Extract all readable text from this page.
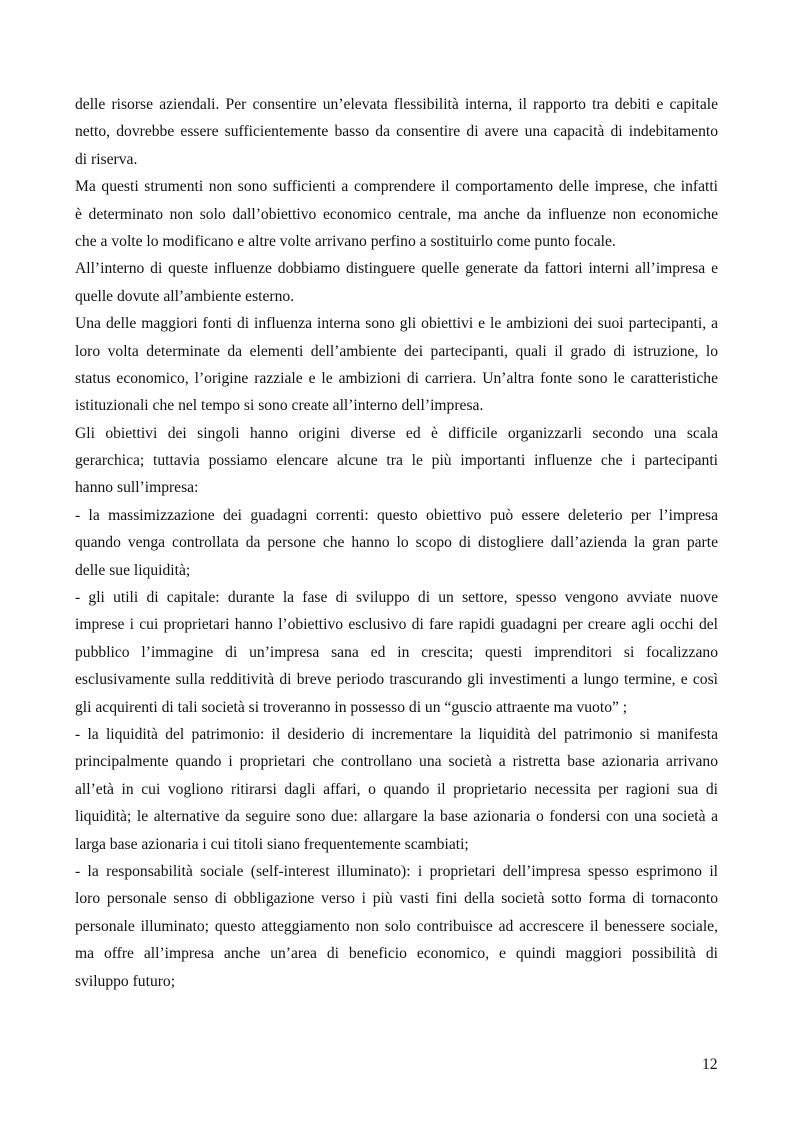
delle risorse aziendali. Per consentire un’elevata flessibilità interna, il rapporto tra debiti e capitale
netto, dovrebbe essere sufficientemente basso da consentire di avere una capacità di indebitamento
di riserva.
Ma questi strumenti non sono sufficienti a comprendere il comportamento delle imprese, che infatti
è determinato non solo dall’obiettivo economico centrale, ma anche da influenze non economiche
che a volte lo modificano e altre volte arrivano perfino a sostituirlo come punto focale.
All’interno di queste influenze dobbiamo distinguere quelle generate da fattori interni all’impresa e
quelle dovute all’ambiente esterno.
Una delle maggiori fonti di influenza interna sono gli obiettivi e le ambizioni dei suoi partecipanti, a
loro volta determinate da elementi dell’ambiente dei partecipanti, quali il grado di istruzione, lo
status economico, l’origine razziale e le ambizioni di carriera. Un’altra fonte sono le caratteristiche
istituzionali che nel tempo si sono create all’interno dell’impresa.
Gli obiettivi dei singoli hanno origini diverse ed è difficile organizzarli secondo una scala
gerarchica; tuttavia possiamo elencare alcune tra le più importanti influenze che i partecipanti
hanno sull’impresa:
- la massimizzazione dei guadagni correnti: questo obiettivo può essere deleterio per l’impresa
quando venga controllata da persone che hanno lo scopo di distogliere dall’azienda la gran parte
delle sue liquidità;
- gli utili di capitale: durante la fase di sviluppo di un settore, spesso vengono avviate nuove
imprese i cui proprietari hanno l’obiettivo esclusivo di fare rapidi guadagni per creare agli occhi del
pubblico l’immagine di un’impresa sana ed in crescita; questi imprenditori si focalizzano
esclusivamente sulla redditività di breve periodo trascurando gli investimenti a lungo termine, e così
gli acquirenti di tali società si troveranno in possesso di un “guscio attraente ma vuoto” ;
- la liquidità del patrimonio: il desiderio di incrementare la liquidità del patrimonio si manifesta
principalmente quando i proprietari che controllano una società a ristretta base azionaria arrivano
all’età in cui vogliono ritirarsi dagli affari, o quando il proprietario necessita per ragioni sua di
liquidità; le alternative da seguire sono due: allargare la base azionaria o fondersi con una società a
larga base azionaria i cui titoli siano frequentemente scambiati;
- la responsabilità sociale (self-interest illuminato): i proprietari dell’impresa spesso esprimono il
loro personale senso di obbligazione verso i più vasti fini della società sotto forma di tornaconto
personale illuminato; questo atteggiamento non solo contribuisce ad accrescere il benessere sociale,
ma offre all’impresa anche un’area di beneficio economico, e quindi maggiori possibilità di
sviluppo futuro;
12
